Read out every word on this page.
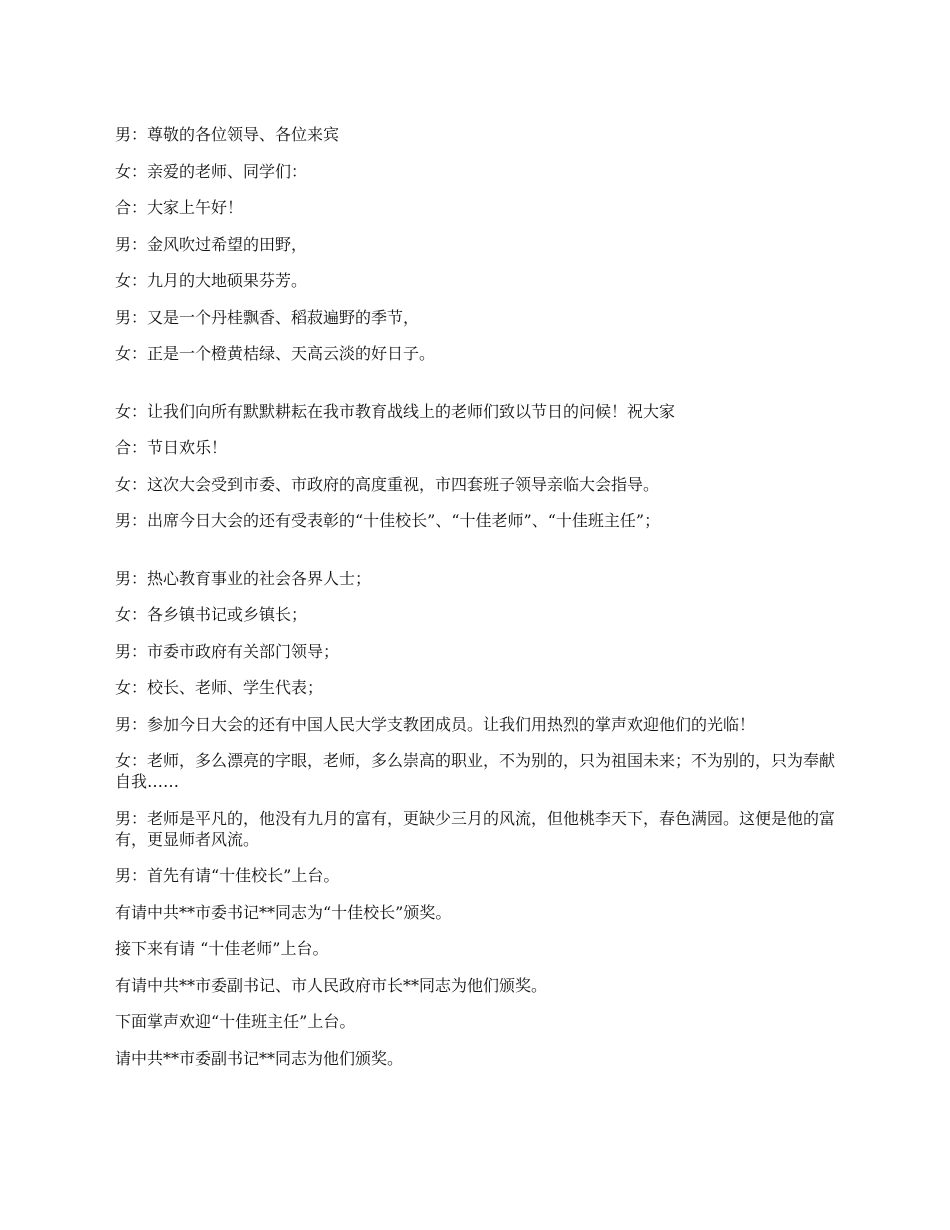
男：尊敬的各位领导、各位来宾

女：亲爱的老师、同学们：

合：大家上午好！

男：金风吹过希望的田野，

女：九月的大地硕果芬芳。

男：又是一个丹桂飘香、稻菽遍野的季节，

女：正是一个橙黄桔绿、天高云淡的好日子。

女：让我们向所有默默耕耘在我市教育战线上的老师们致以节日的问候！祝大家

合：节日欢乐！

女：这次大会受到市委、市政府的高度重视，市四套班子领导亲临大会指导。

男：出席今日大会的还有受表彰的“十佳校长”、“十佳老师”、“十佳班主任”；

男：热心教育事业的社会各界人士；

女：各乡镇书记或乡镇长；

男：市委市政府有关部门领导；

女：校长、老师、学生代表；

男：参加今日大会的还有中国人民大学支教团成员。让我们用热烈的掌声欢迎他们的光临！

女：老师，多么漂亮的字眼，老师，多么崇高的职业，不为别的，只为祖国未来；不为别的，只为奉献自我……

男：老师是平凡的，他没有九月的富有，更缺少三月的风流，但他桃李天下，春色满园。这便是他的富有，更显师者风流。

男：首先有请“十佳校长”上台。

有请中共**市委书记**同志为“十佳校长”颁奖。

接下来有请 “十佳老师”上台。

有请中共**市委副书记、市人民政府市长**同志为他们颁奖。

下面掌声欢迎“十佳班主任”上台。

请中共**市委副书记**同志为他们颁奖。
